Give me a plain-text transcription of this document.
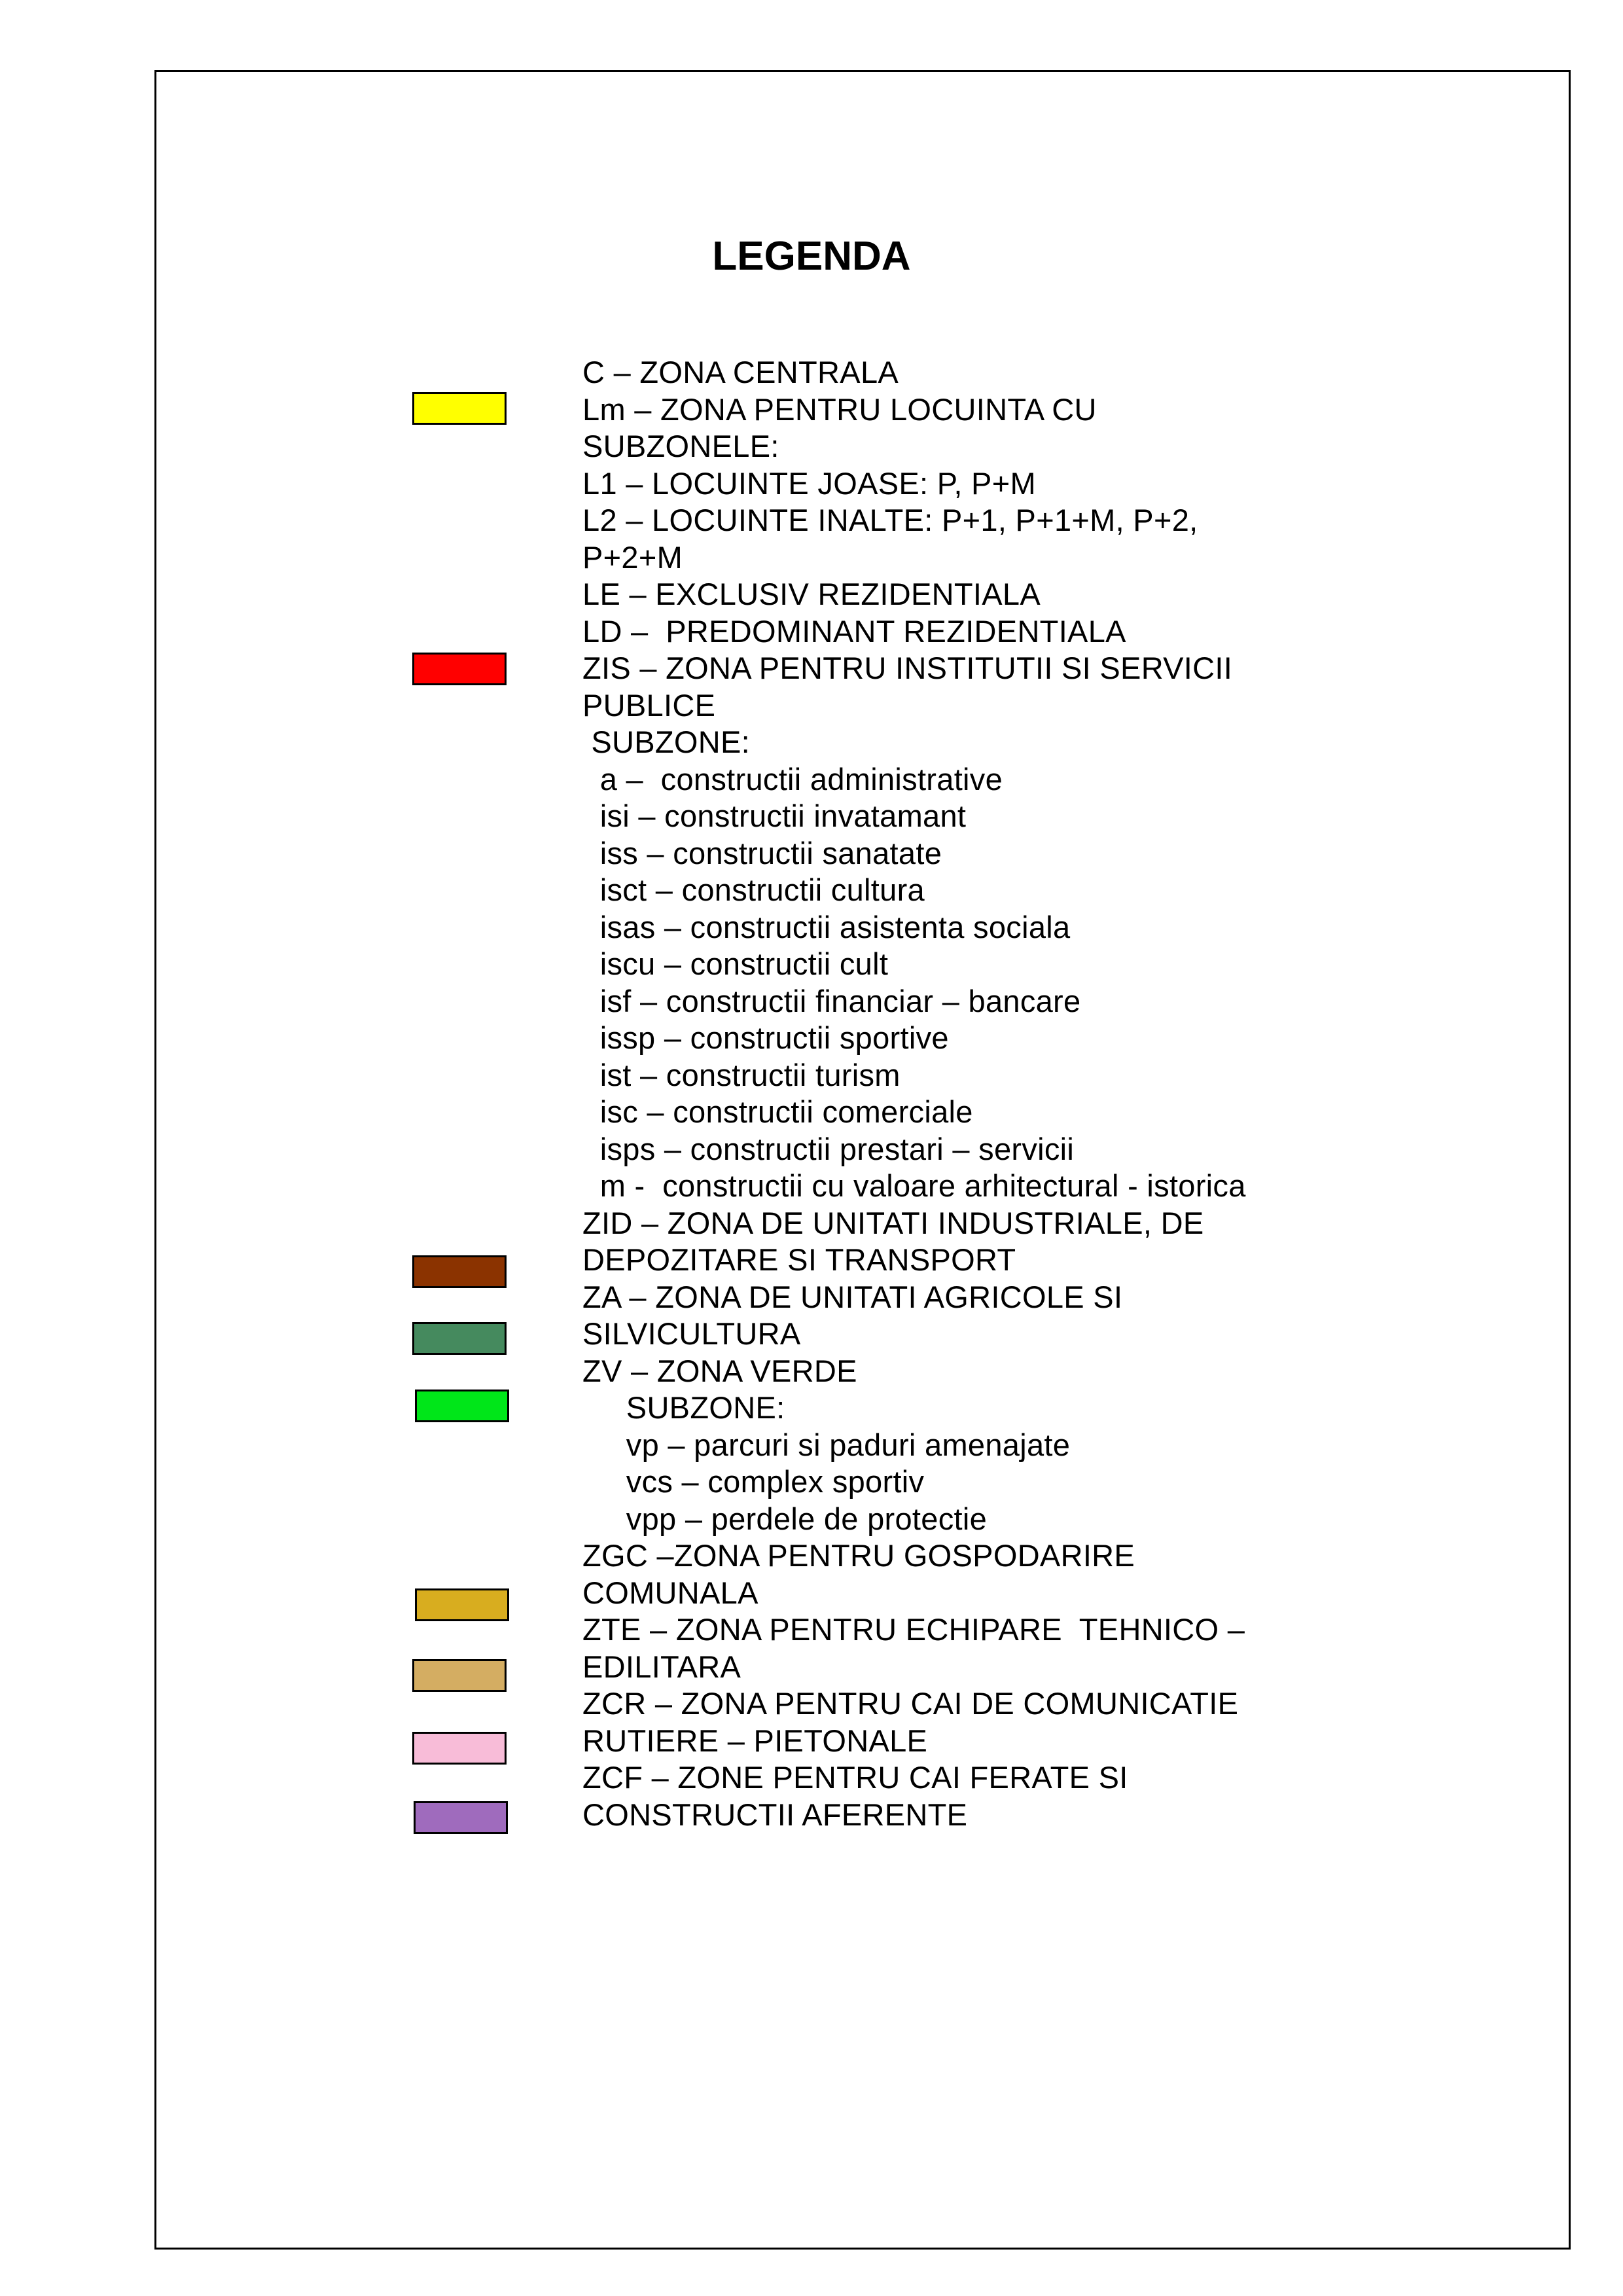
LEGENDA
C – ZONA CENTRALA
Lm – ZONA PENTRU LOCUINTA CU
SUBZONELE:
L1 – LOCUINTE JOASE: P, P+M
L2 – LOCUINTE INALTE: P+1, P+1+M, P+2,
P+2+M
LE – EXCLUSIV REZIDENTIALA
LD –  PREDOMINANT REZIDENTIALA
ZIS – ZONA PENTRU INSTITUTII SI SERVICII
PUBLICE
SUBZONE:
a –  constructii administrative
isi – constructii invatamant
iss – constructii sanatate
isct – constructii cultura
isas – constructii asistenta sociala
iscu – constructii cult
isf – constructii financiar – bancare
issp – constructii sportive
ist – constructii turism
isc – constructii comerciale
isps – constructii prestari – servicii
m -  constructii cu valoare arhitectural - istorica
ZID – ZONA DE UNITATI INDUSTRIALE, DE
DEPOZITARE SI TRANSPORT
ZA – ZONA DE UNITATI AGRICOLE SI
SILVICULTURA
ZV – ZONA VERDE
SUBZONE:
vp – parcuri si paduri amenajate
vcs – complex sportiv
vpp – perdele de protectie
ZGC –ZONA PENTRU GOSPODARIRE
COMUNALA
ZTE – ZONA PENTRU ECHIPARE  TEHNICO –
EDILITARA
ZCR – ZONA PENTRU CAI DE COMUNICATIE
RUTIERE – PIETONALE
ZCF – ZONE PENTRU CAI FERATE SI
CONSTRUCTII AFERENTE
